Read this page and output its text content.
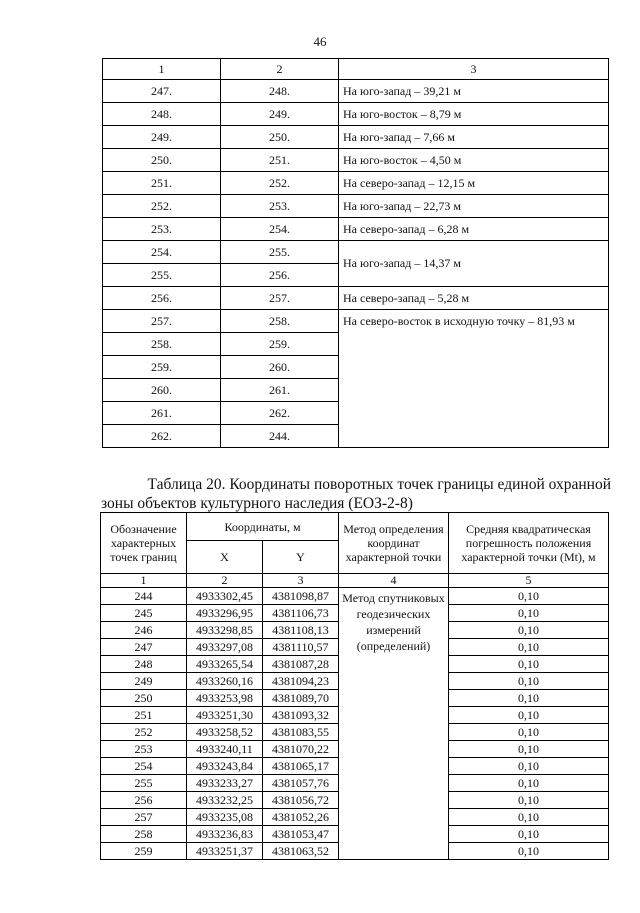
46
1	2	3
247.	248.	На юго-запад – 39,21 м
248.	249.	На юго-восток – 8,79 м
249.	250.	На юго-запад – 7,66 м
250.	251.	На юго-восток – 4,50 м
251.	252.	На северо-запад – 12,15 м
252.	253.	На юго-запад – 22,73 м
253.	254.	На северо-запад – 6,28 м
254.	255.	На юго-запад – 14,37 м
255.	256.	
256.	257.	На северо-запад – 5,28 м
257.	258.	На северо-восток в исходную точку – 81,93 м
258.	259.	
259.	260.	
260.	261.	
261.	262.	
262.	244.	
Таблица 20. Координаты поворотных точек границы единой охранной
зоны объектов культурного наследия (ЕОЗ-2-8)
Обозначение характерных точек границ	Координаты, м		Метод определения координат характерной точки	Средняя квадратическая погрешность положения характерной точки (Mt), м
	X	Y		
1	2	3	4	5
244	4933302,45	4381098,87	Метод спутниковых геодезических измерений (определений)	0,10
245	4933296,95	4381106,73		0,10
246	4933298,85	4381108,13		0,10
247	4933297,08	4381110,57		0,10
248	4933265,54	4381087,28		0,10
249	4933260,16	4381094,23		0,10
250	4933253,98	4381089,70		0,10
251	4933251,30	4381093,32		0,10
252	4933258,52	4381083,55		0,10
253	4933240,11	4381070,22		0,10
254	4933243,84	4381065,17		0,10
255	4933233,27	4381057,76		0,10
256	4933232,25	4381056,72		0,10
257	4933235,08	4381052,26		0,10
258	4933236,83	4381053,47		0,10
259	4933251,37	4381063,52		0,10
